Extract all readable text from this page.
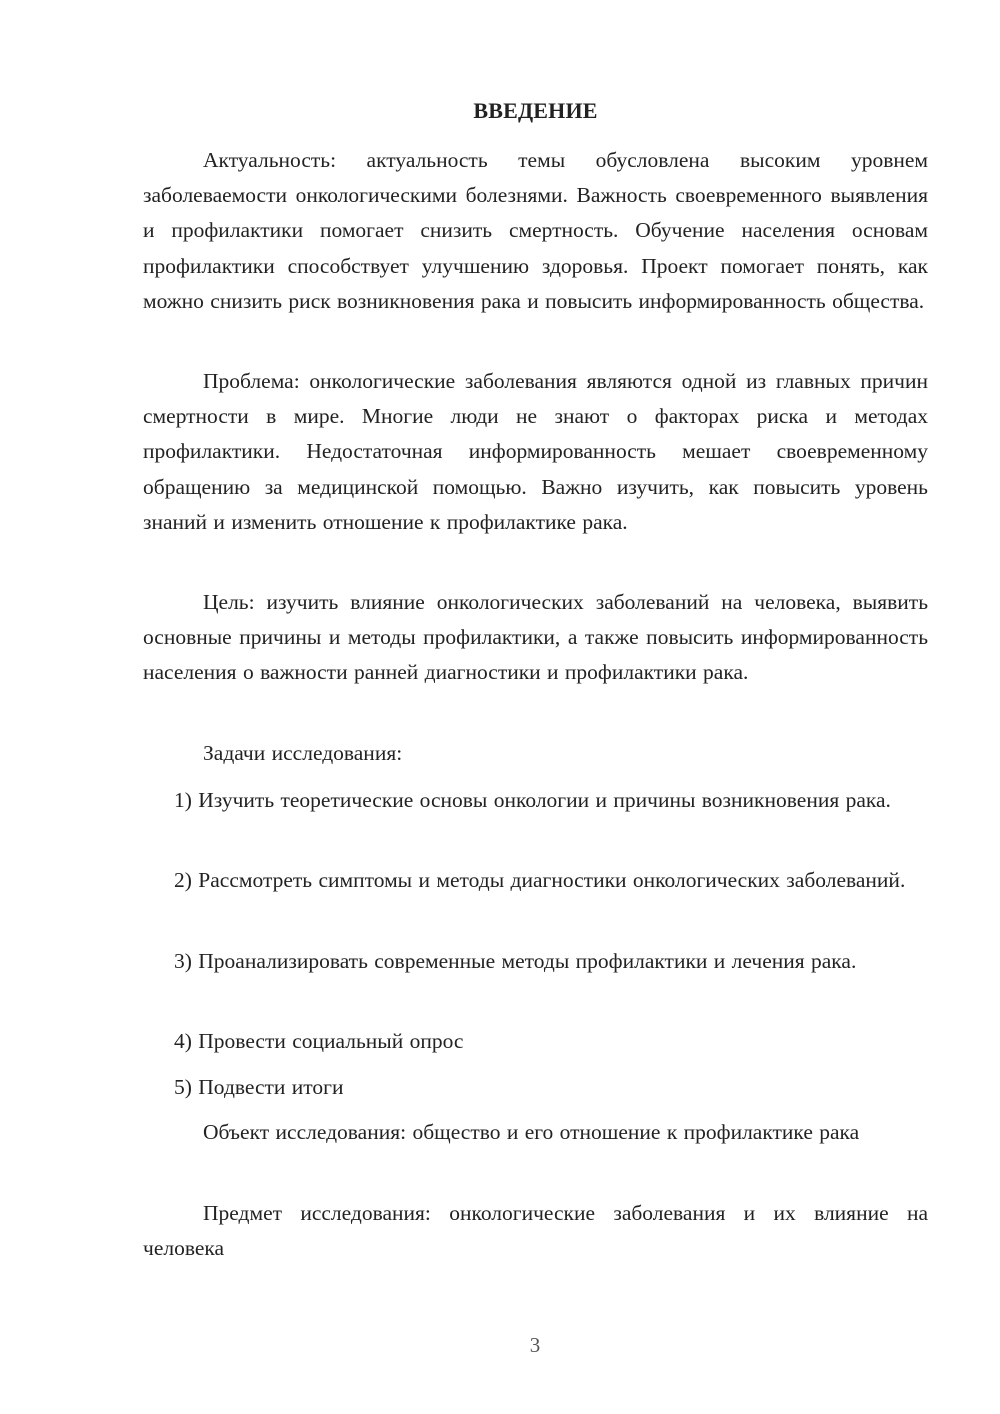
ВВЕДЕНИЕ

Актуальность: актуальность темы обусловлена высоким уровнем заболеваемости онкологическими болезнями. Важность своевременного выявления и профилактики помогает снизить смертность. Обучение населения основам профилактики способствует улучшению здоровья. Проект помогает понять, как можно снизить риск возникновения рака и повысить информированность общества.

Проблема: онкологические заболевания являются одной из главных причин смертности в мире. Многие люди не знают о факторах риска и методах профилактики. Недостаточная информированность мешает своевременному обращению за медицинской помощью. Важно изучить, как повысить уровень знаний и изменить отношение к профилактике рака.

Цель: изучить влияние онкологических заболеваний на человека, выявить основные причины и методы профилактики, а также повысить информированность населения о важности ранней диагностики и профилактики рака.

Задачи исследования:

1) Изучить теоретические основы онкологии и причины возникновения рака.

2) Рассмотреть симптомы и методы диагностики онкологических заболеваний.

3) Проанализировать современные методы профилактики и лечения рака.

4) Провести социальный опрос

5) Подвести итоги

Объект исследования: общество и его отношение к профилактике рака

Предмет исследования: онкологические заболевания и их влияние на человека

3
